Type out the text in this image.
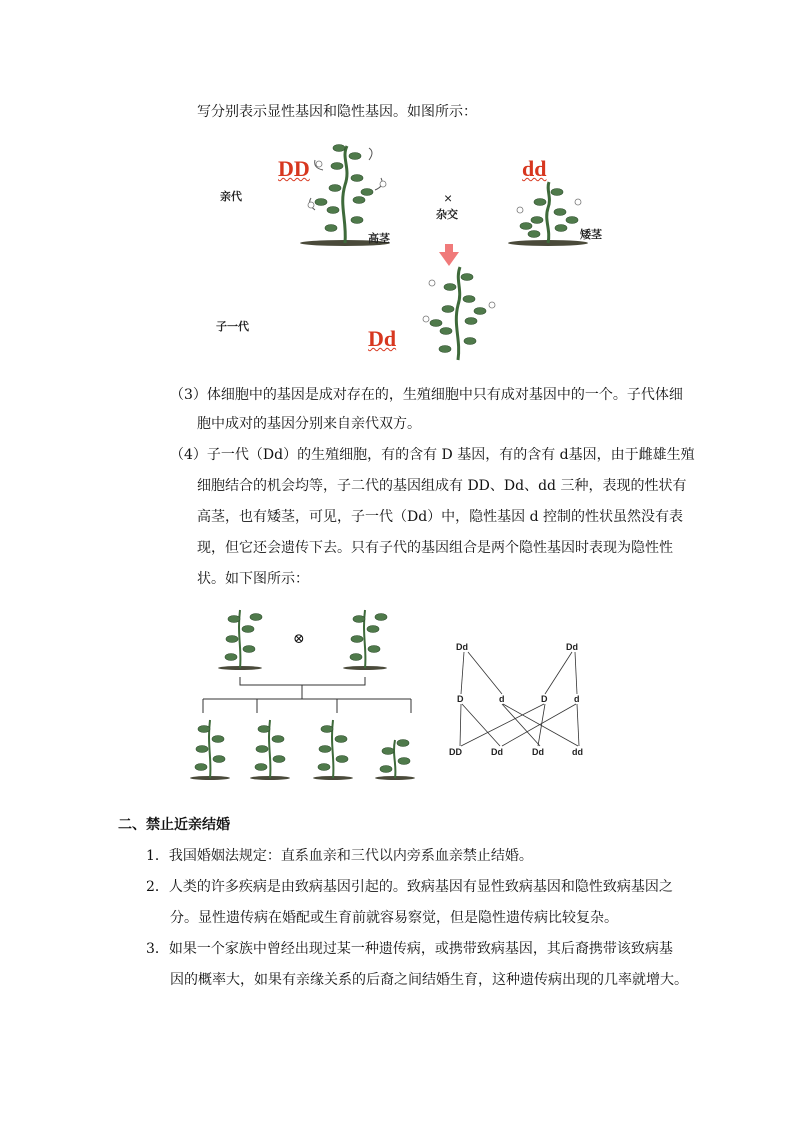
写分别表示显性基因和隐性基因。如图所示：
DD	dd
Dd
亲代
子一代
×
杂交
高茎	矮茎
（3）体细胞中的基因是成对存在的，生殖细胞中只有成对基因中的一个。子代体细
胞中成对的基因分别来自亲代双方。
（4）子一代（Dd）的生殖细胞，有的含有 D 基因，有的含有 d基因，由于雌雄生殖
细胞结合的机会均等，子二代的基因组成有 DD、Dd、dd 三种，表现的性状有
高茎，也有矮茎，可见，子一代（Dd）中，隐性基因 d 控制的性状虽然没有表
现，但它还会遗传下去。只有子代的基因组合是两个隐性基因时表现为隐性性
状。如下图所示：
⊗	Dd	Dd
D	d	D	d
DD	Dd	Dd	dd
二、禁止近亲结婚
1．我国婚姻法规定：直系血亲和三代以内旁系血亲禁止结婚。
2．人类的许多疾病是由致病基因引起的。致病基因有显性致病基因和隐性致病基因之
分。显性遗传病在婚配或生育前就容易察觉，但是隐性遗传病比较复杂。
3．如果一个家族中曾经出现过某一种遗传病，或携带致病基因，其后裔携带该致病基
因的概率大，如果有亲缘关系的后裔之间结婚生育，这种遗传病出现的几率就增大。
